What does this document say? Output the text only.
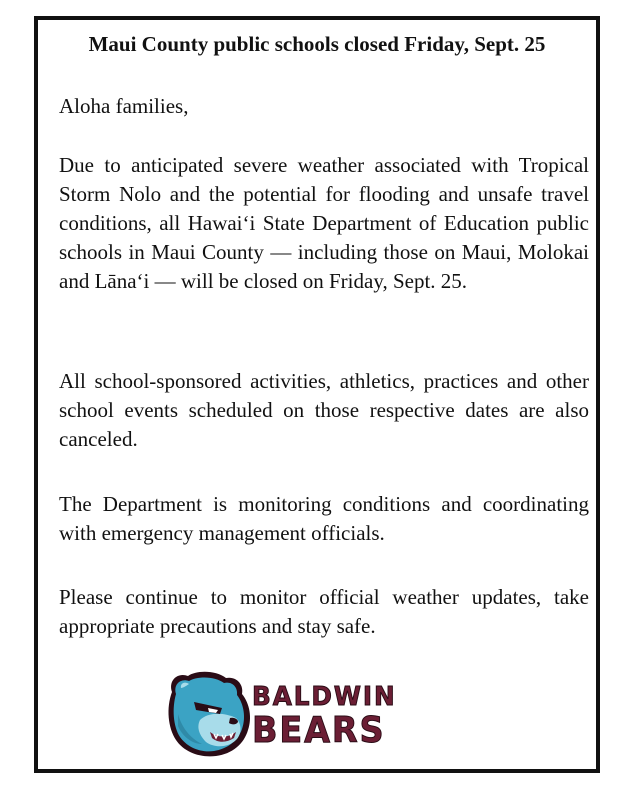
Maui County public schools closed Friday, Sept. 25

Aloha families,

Due to anticipated severe weather associated with Tropical Storm Nolo and the potential for flooding and unsafe travel conditions, all Hawaiʻi State Department of Education public schools in Maui County — including those on Maui, Molokai and Lānaʻi — will be closed on Friday, Sept. 25.

All school-sponsored activities, athletics, practices and other school events scheduled on those respective dates are also canceled.

The Department is monitoring conditions and coordinating with emergency management officials.

Please continue to monitor official weather updates, take appropriate precautions and stay safe.

BALDWIN
BEARS
